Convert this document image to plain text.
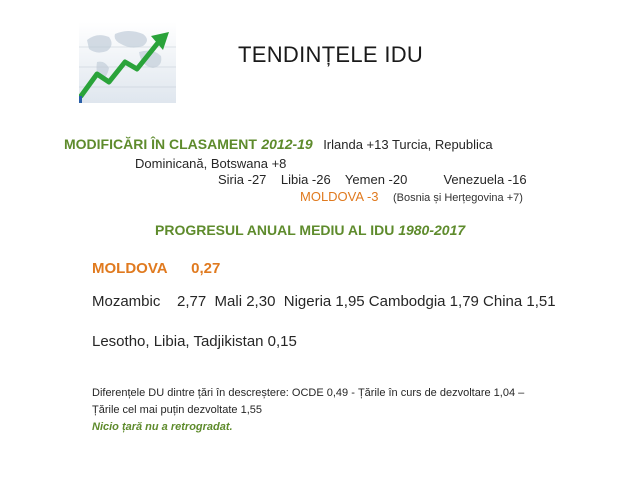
TENDINȚELE IDU
MODIFICĂRI ÎN CLASAMENT 2012-19 Irlanda +13 Turcia, Republica
Dominicană, Botswana +8
Siria -27    Libia -26    Yemen -20          Venezuela -16
MOLDOVA -3 (Bosnia și Herțegovina +7)
PROGRESUL ANUAL MEDIU AL IDU 1980-2017
MOLDOVA 0,27
Mozambic    2,77  Mali 2,30  Nigeria 1,95 Cambodgia 1,79 China 1,51
Lesotho, Libia, Tadjikistan 0,15
Diferențele DU dintre țări în descreștere: OCDE 0,49 - Țările în curs de dezvoltare 1,04 –
Țările cel mai puțin dezvoltate 1,55
Nicio țară nu a retrogradat.
